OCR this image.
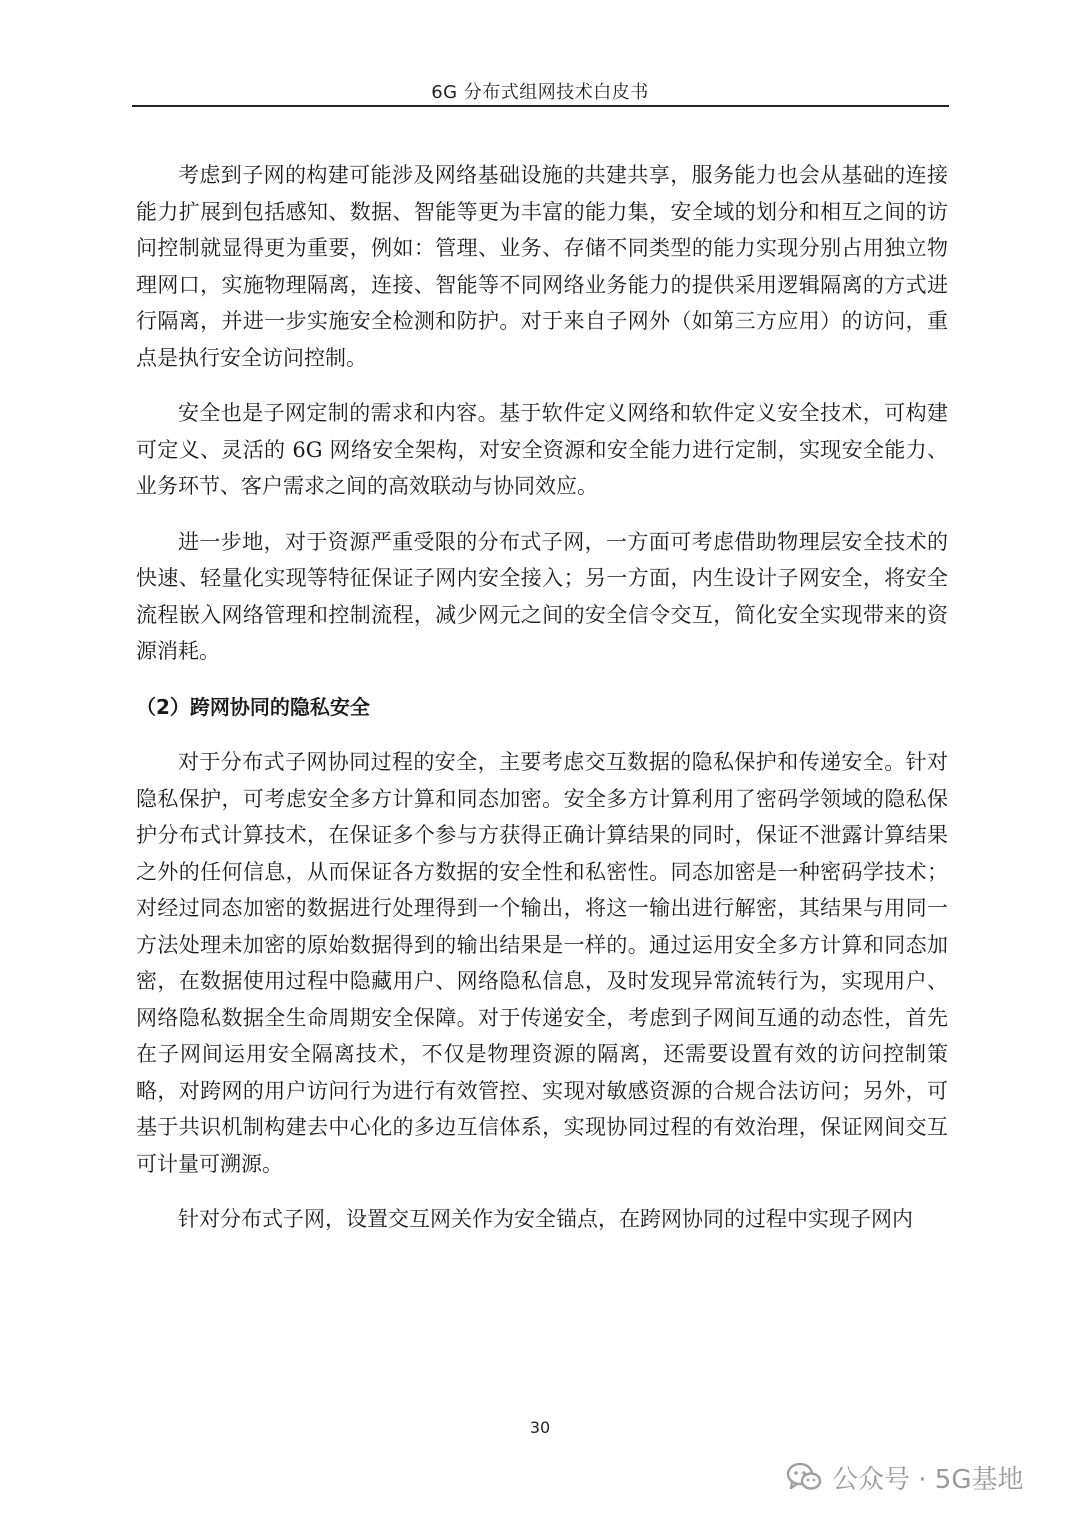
6G 分布式组网技术白皮书

考虑到子网的构建可能涉及网络基础设施的共建共享，服务能力也会从基础的连接能力扩展到包括感知、数据、智能等更为丰富的能力集，安全域的划分和相互之间的访问控制就显得更为重要，例如：管理、业务、存储不同类型的能力实现分别占用独立物理网口，实施物理隔离，连接、智能等不同网络业务能力的提供采用逻辑隔离的方式进行隔离，并进一步实施安全检测和防护。对于来自子网外（如第三方应用）的访问，重点是执行安全访问控制。

安全也是子网定制的需求和内容。基于软件定义网络和软件定义安全技术，可构建可定义、灵活的 6G 网络安全架构，对安全资源和安全能力进行定制，实现安全能力、业务环节、客户需求之间的高效联动与协同效应。

进一步地，对于资源严重受限的分布式子网，一方面可考虑借助物理层安全技术的快速、轻量化实现等特征保证子网内安全接入；另一方面，内生设计子网安全，将安全流程嵌入网络管理和控制流程，减少网元之间的安全信令交互，简化安全实现带来的资源消耗。

（2）跨网协同的隐私安全

对于分布式子网协同过程的安全，主要考虑交互数据的隐私保护和传递安全。针对隐私保护，可考虑安全多方计算和同态加密。安全多方计算利用了密码学领域的隐私保护分布式计算技术，在保证多个参与方获得正确计算结果的同时，保证不泄露计算结果之外的任何信息，从而保证各方数据的安全性和私密性。同态加密是一种密码学技术；对经过同态加密的数据进行处理得到一个输出，将这一输出进行解密，其结果与用同一方法处理未加密的原始数据得到的输出结果是一样的。通过运用安全多方计算和同态加密，在数据使用过程中隐藏用户、网络隐私信息，及时发现异常流转行为，实现用户、网络隐私数据全生命周期安全保障。对于传递安全，考虑到子网间互通的动态性，首先在子网间运用安全隔离技术，不仅是物理资源的隔离，还需要设置有效的访问控制策略，对跨网的用户访问行为进行有效管控、实现对敏感资源的合规合法访问；另外，可基于共识机制构建去中心化的多边互信体系，实现协同过程的有效治理，保证网间交互可计量可溯源。

针对分布式子网，设置交互网关作为安全锚点，在跨网协同的过程中实现子网内

30
公众号 · 5G基地
